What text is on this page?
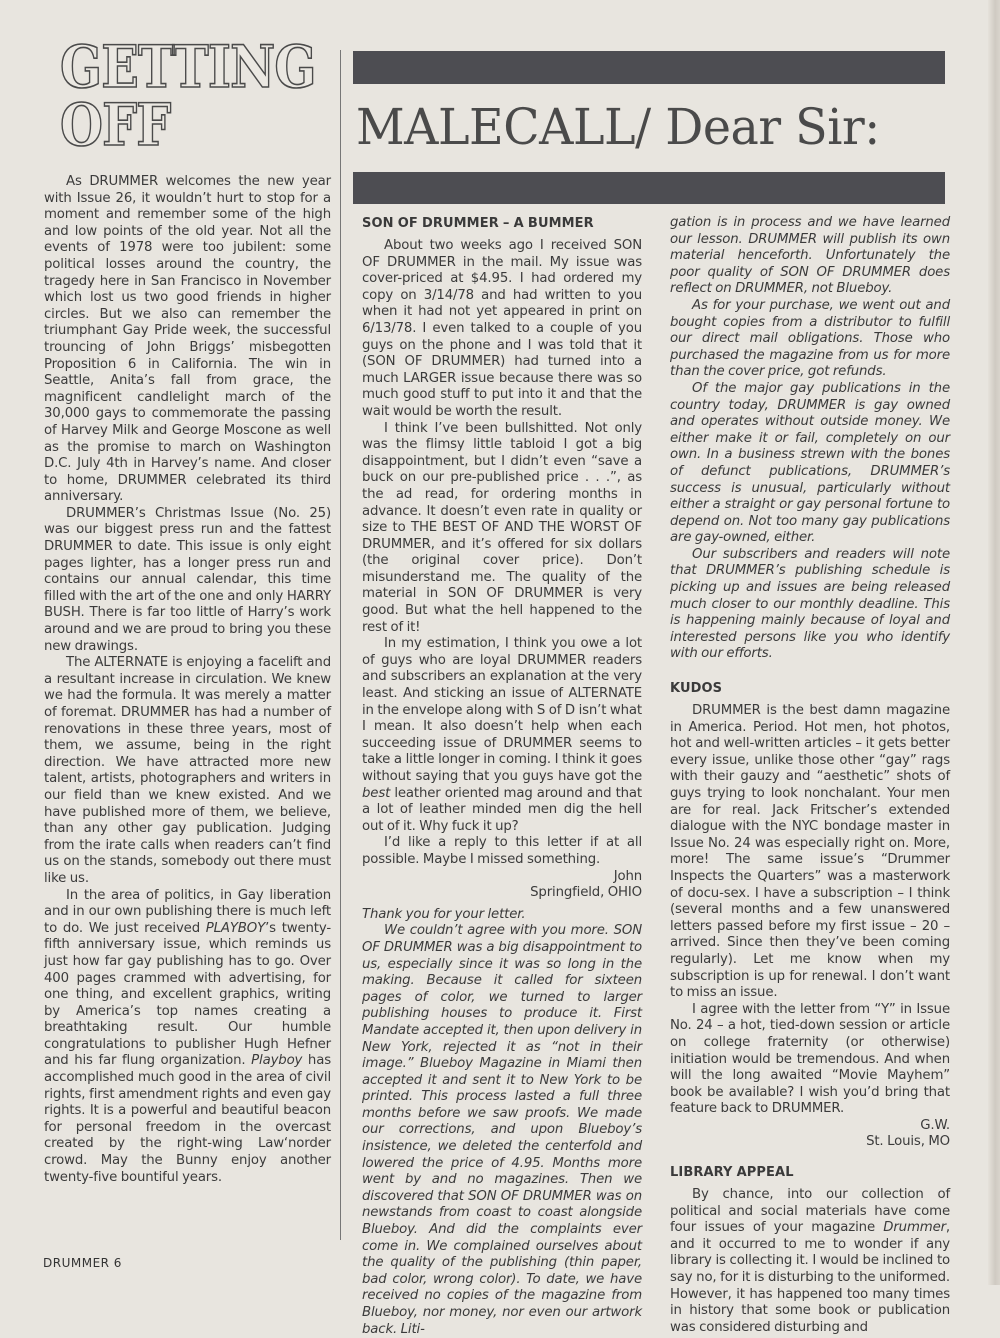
GETTING
OFF

As DRUMMER welcomes the new year with Issue 26, it wouldn’t hurt to stop for a moment and remember some of the high and low points of the old year. Not all the events of 1978 were too jubilent: some political losses around the country, the tragedy here in San Francisco in November which lost us two good friends in higher circles. But we also can remember the triumphant Gay Pride week, the successful trouncing of John Briggs’ misbegotten Proposition 6 in California. The win in Seattle, Anita’s fall from grace, the magnificent candlelight march of the 30,000 gays to commemorate the passing of Harvey Milk and George Moscone as well as the promise to march on Washington D.C. July 4th in Harvey’s name. And closer to home, DRUMMER celebrated its third anniversary.

DRUMMER’s Christmas Issue (No. 25) was our biggest press run and the fattest DRUMMER to date. This issue is only eight pages lighter, has a longer press run and contains our annual calendar, this time filled with the art of the one and only HARRY BUSH. There is far too little of Harry’s work around and we are proud to bring you these new drawings.

The ALTERNATE is enjoying a facelift and a resultant increase in circulation. We knew we had the formula. It was merely a matter of foremat. DRUMMER has had a number of renovations in these three years, most of them, we assume, being in the right direction. We have attracted more new talent, artists, photographers and writers in our field than we knew existed. And we have published more of them, we believe, than any other gay publication. Judging from the irate calls when readers can’t find us on the stands, somebody out there must like us.

In the area of politics, in Gay liberation and in our own publishing there is much left to do. We just received PLAYBOY’s twenty-fifth anniversary issue, which reminds us just how far gay publishing has to go. Over 400 pages crammed with advertising, for one thing, and excellent graphics, writing by America’s top names creating a breathtaking result. Our humble congratulations to publisher Hugh Hefner and his far flung organization. Playboy has accomplished much good in the area of civil rights, first amendment rights and even gay rights. It is a powerful and beautiful beacon for personal freedom in the overcast created by the right-wing Law‘norder crowd. May the Bunny enjoy another twenty-five bountiful years.

MALECALL/ Dear Sir:
SON OF DRUMMER – A BUMMER

About two weeks ago I received SON OF DRUMMER in the mail. My issue was cover-priced at $4.95. I had ordered my copy on 3/14/78 and had written to you when it had not yet appeared in print on 6/13/78. I even talked to a couple of you guys on the phone and I was told that it (SON OF DRUMMER) had turned into a much LARGER issue because there was so much good stuff to put into it and that the wait would be worth the result.

I think I’ve been bullshitted. Not only was the flimsy little tabloid I got a big disappointment, but I didn’t even “save a buck on our pre-published price . . .”, as the ad read, for ordering months in advance. It doesn’t even rate in quality or size to THE BEST OF AND THE WORST OF DRUMMER, and it’s offered for six dollars (the original cover price). Don’t misunderstand me. The quality of the material in SON OF DRUMMER is very good. But what the hell happened to the rest of it!

In my estimation, I think you owe a lot of guys who are loyal DRUMMER readers and subscribers an explanation at the very least. And sticking an issue of ALTERNATE in the envelope along with S of D isn’t what I mean. It also doesn’t help when each succeeding issue of DRUMMER seems to take a little longer in coming. I think it goes without saying that you guys have got the best leather oriented mag around and that a lot of leather minded men dig the hell out of it. Why fuck it up?

I’d like a reply to this letter if at all possible. Maybe I missed something.

John
Springfield, OHIO

Thank you for your letter.

We couldn’t agree with you more. SON OF DRUMMER was a big disappointment to us, especially since it was so long in the making. Because it called for sixteen pages of color, we turned to larger publishing houses to produce it. First Mandate accepted it, then upon delivery in New York, rejected it as “not in their image.” Blueboy Magazine in Miami then accepted it and sent it to New York to be printed. This process lasted a full three months before we saw proofs. We made our corrections, and upon Blueboy’s insistence, we deleted the centerfold and lowered the price of 4.95. Months more went by and no magazines. Then we discovered that SON OF DRUMMER was on newstands from coast to coast alongside Blueboy. And did the complaints ever come in. We complained ourselves about the quality of the publishing (thin paper, bad color, wrong color). To date, we have received no copies of the magazine from Blueboy, nor money, nor even our artwork back. Liti-

gation is in process and we have learned our lesson. DRUMMER will publish its own material henceforth. Unfortunately the poor quality of SON OF DRUMMER does reflect on DRUMMER, not Blueboy.

As for your purchase, we went out and bought copies from a distributor to fulfill our direct mail obligations. Those who purchased the magazine from us for more than the cover price, got refunds.

Of the major gay publications in the country today, DRUMMER is gay owned and operates without outside money. We either make it or fail, completely on our own. In a business strewn with the bones of defunct publications, DRUMMER’s success is unusual, particularly without either a straight or gay personal fortune to depend on. Not too many gay publications are gay-owned, either.

Our subscribers and readers will note that DRUMMER’s publishing schedule is picking up and issues are being released much closer to our monthly deadline. This is happening mainly because of loyal and interested persons like you who identify with our efforts.

KUDOS

DRUMMER is the best damn magazine in America. Period. Hot men, hot photos, hot and well-written articles – it gets better every issue, unlike those other “gay” rags with their gauzy and “aesthetic” shots of guys trying to look nonchalant. Your men are for real. Jack Fritscher’s extended dialogue with the NYC bondage master in Issue No. 24 was especially right on. More, more! The same issue’s “Drummer Inspects the Quarters” was a masterwork of docu-sex. I have a subscription – I think (several months and a few unanswered letters passed before my first issue – 20 – arrived. Since then they’ve been coming regularly). Let me know when my subscription is up for renewal. I don’t want to miss an issue.

I agree with the letter from “Y” in Issue No. 24 – a hot, tied-down session or article on college fraternity (or otherwise) initiation would be tremendous. And when will the long awaited “Movie Mayhem” book be available? I wish you’d bring that feature back to DRUMMER.

G.W.
St. Louis, MO
LIBRARY APPEAL

By chance, into our collection of political and social materials have come four issues of your magazine Drummer, and it occurred to me to wonder if any library is collecting it. I would be inclined to say no, for it is disturbing to the uniformed. However, it has happened too many times in history that some book or publication was considered disturbing and

DRUMMER 6
